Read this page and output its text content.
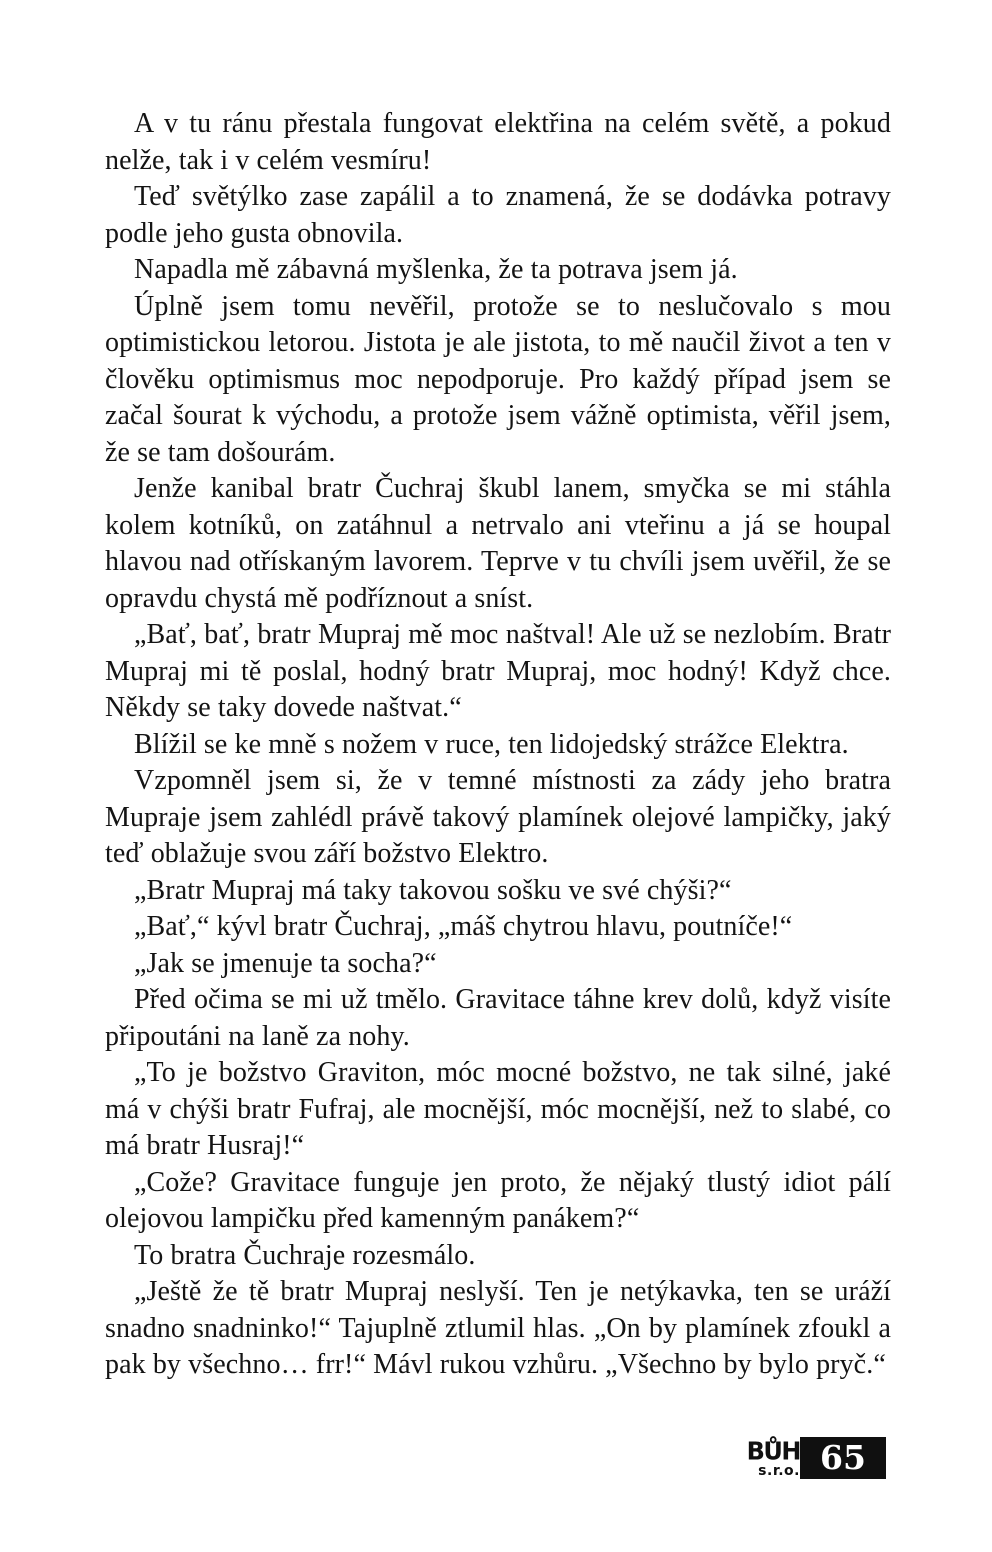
A v tu ránu přestala fungovat elektřina na celém světě, a pokud nelže, tak i v celém vesmíru!

Teď světýlko zase zapálil a to znamená, že se dodávka potravy podle jeho gusta obnovila.

Napadla mě zábavná myšlenka, že ta potrava jsem já.

Úplně jsem tomu nevěřil, protože se to neslučovalo s mou optimistickou letorou. Jistota je ale jistota, to mě naučil život a ten v člověku optimismus moc nepodporuje. Pro každý případ jsem se začal šourat k východu, a protože jsem vážně optimista, věřil jsem, že se tam došourám.

Jenže kanibal bratr Čuchraj škubl lanem, smyčka se mi stáhla kolem kotníků, on zatáhnul a netrvalo ani vteřinu a já se houpal hlavou nad otřískaným lavorem. Teprve v tu chvíli jsem uvěřil, že se opravdu chystá mě podříznout a sníst.

„Bať, bať, bratr Mupraj mě moc naštval! Ale už se nezlobím. Bratr Mupraj mi tě poslal, hodný bratr Mupraj, moc hodný! Když chce. Někdy se taky dovede naštvat.“

Blížil se ke mně s nožem v ruce, ten lidojedský strážce Elektra.

Vzpomněl jsem si, že v temné místnosti za zády jeho bratra Mupraje jsem zahlédl právě takový plamínek olejové lampičky, jaký teď oblažuje svou září božstvo Elektro.

„Bratr Mupraj má taky takovou sošku ve své chýši?“

„Bať,“ kývl bratr Čuchraj, „máš chytrou hlavu, poutníče!“

„Jak se jmenuje ta socha?“

Před očima se mi už tmělo. Gravitace táhne krev dolů, když visíte připoutáni na laně za nohy.

„To je božstvo Graviton, móc mocné božstvo, ne tak silné, jaké má v chýši bratr Fufraj, ale mocnější, móc mocnější, než to slabé, co má bratr Husraj!“

„Cože? Gravitace funguje jen proto, že nějaký tlustý idiot pálí olejovou lampičku před kamenným panákem?“

To bratra Čuchraje rozesmálo.

„Ještě že tě bratr Mupraj neslyší. Ten je netýkavka, ten se uráží snadno snadninko!“ Tajuplně ztlumil hlas. „On by plamínek zfoukl a pak by všechno… frr!“ Mávl rukou vzhůru. „Všechno by bylo pryč.“

BŮH
s.r.o. 65
